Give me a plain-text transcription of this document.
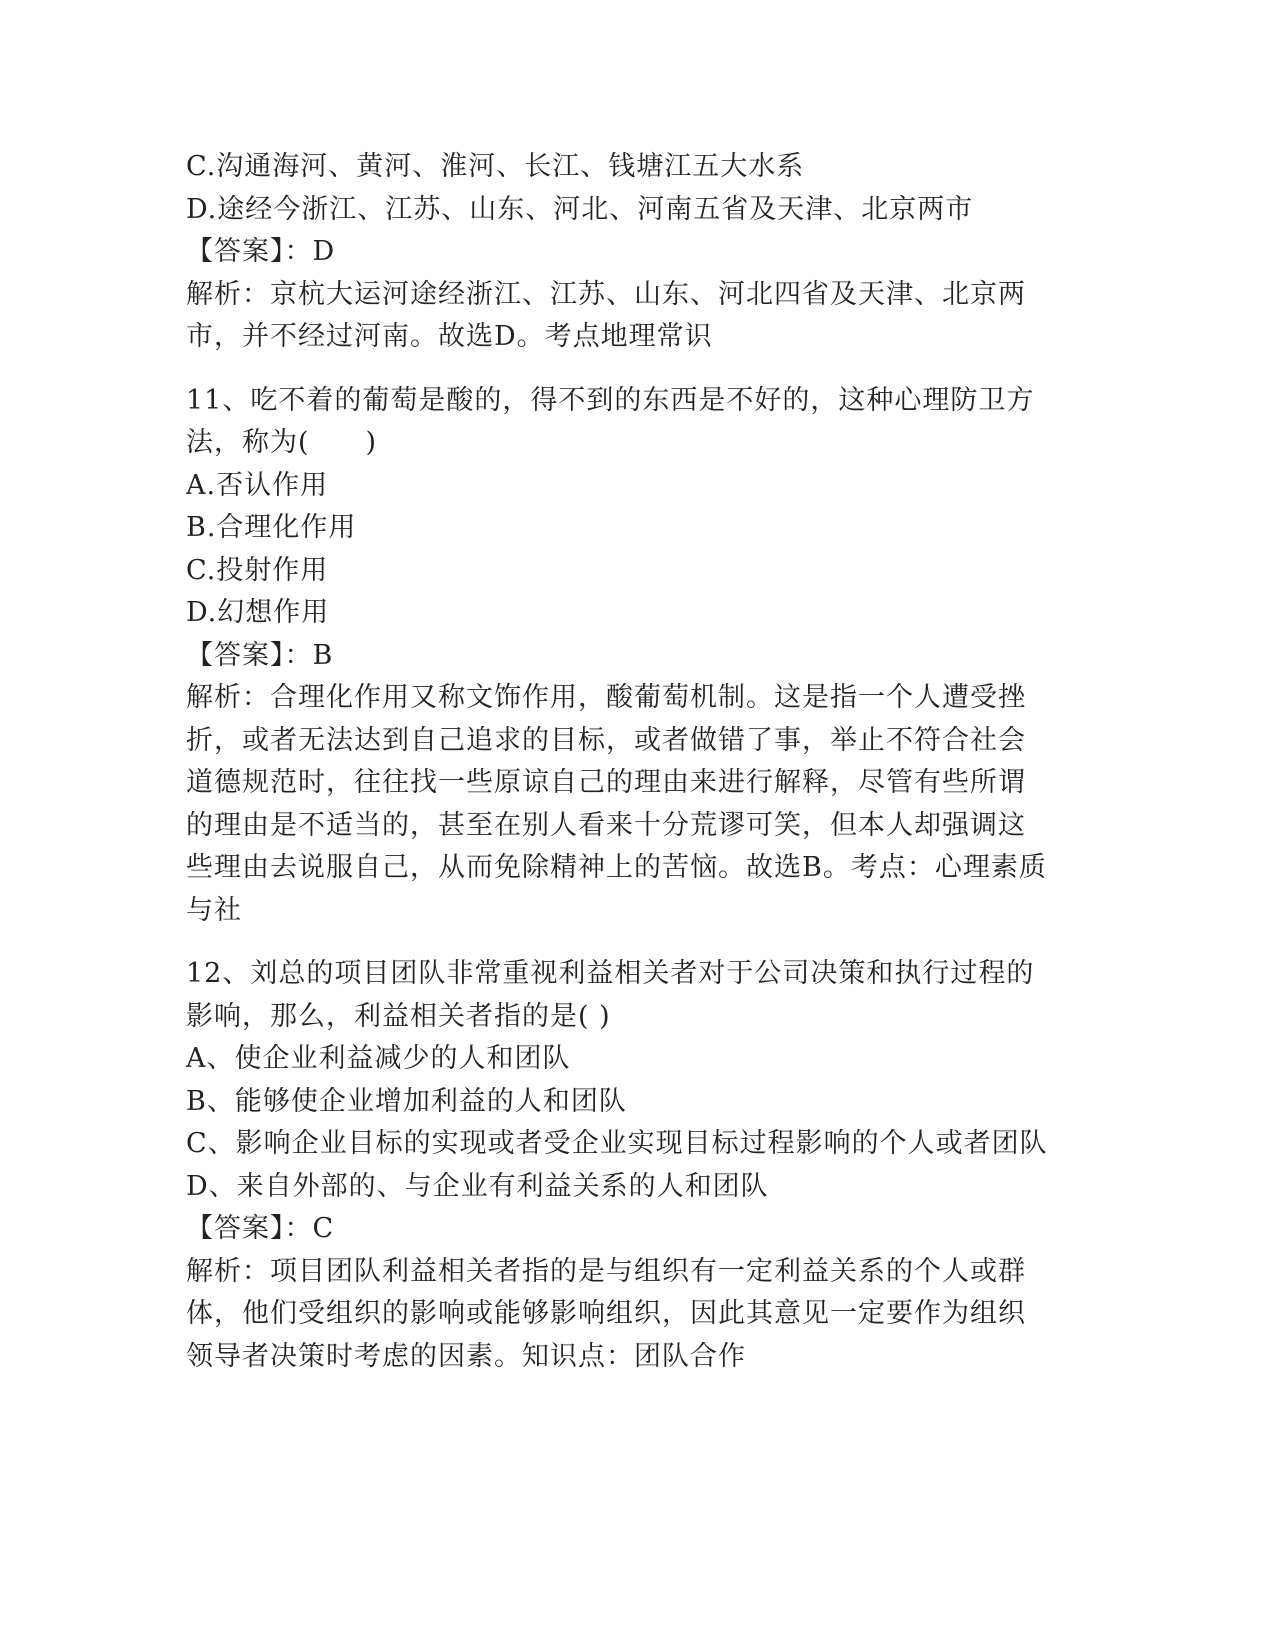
C.沟通海河、黄河、淮河、长江、钱塘江五大水系
D.途经今浙江、江苏、山东、河北、河南五省及天津、北京两市
【答案】：D
解析：京杭大运河途经浙江、江苏、山东、河北四省及天津、北京两
市，并不经过河南。故选D。考点地理常识
11、吃不着的葡萄是酸的，得不到的东西是不好的，这种心理防卫方
法，称为(　　)
A.否认作用
B.合理化作用
C.投射作用
D.幻想作用
【答案】：B
解析：合理化作用又称文饰作用，酸葡萄机制。这是指一个人遭受挫
折，或者无法达到自己追求的目标，或者做错了事，举止不符合社会
道德规范时，往往找一些原谅自己的理由来进行解释，尽管有些所谓
的理由是不适当的，甚至在别人看来十分荒谬可笑，但本人却强调这
些理由去说服自己，从而免除精神上的苦恼。故选B。考点：心理素质
与社
12、刘总的项目团队非常重视利益相关者对于公司决策和执行过程的
影响，那么，利益相关者指的是( )
A、使企业利益减少的人和团队
B、能够使企业增加利益的人和团队
C、影响企业目标的实现或者受企业实现目标过程影响的个人或者团队
D、来自外部的、与企业有利益关系的人和团队
【答案】：C
解析：项目团队利益相关者指的是与组织有一定利益关系的个人或群
体，他们受组织的影响或能够影响组织，因此其意见一定要作为组织
领导者决策时考虑的因素。知识点：团队合作
